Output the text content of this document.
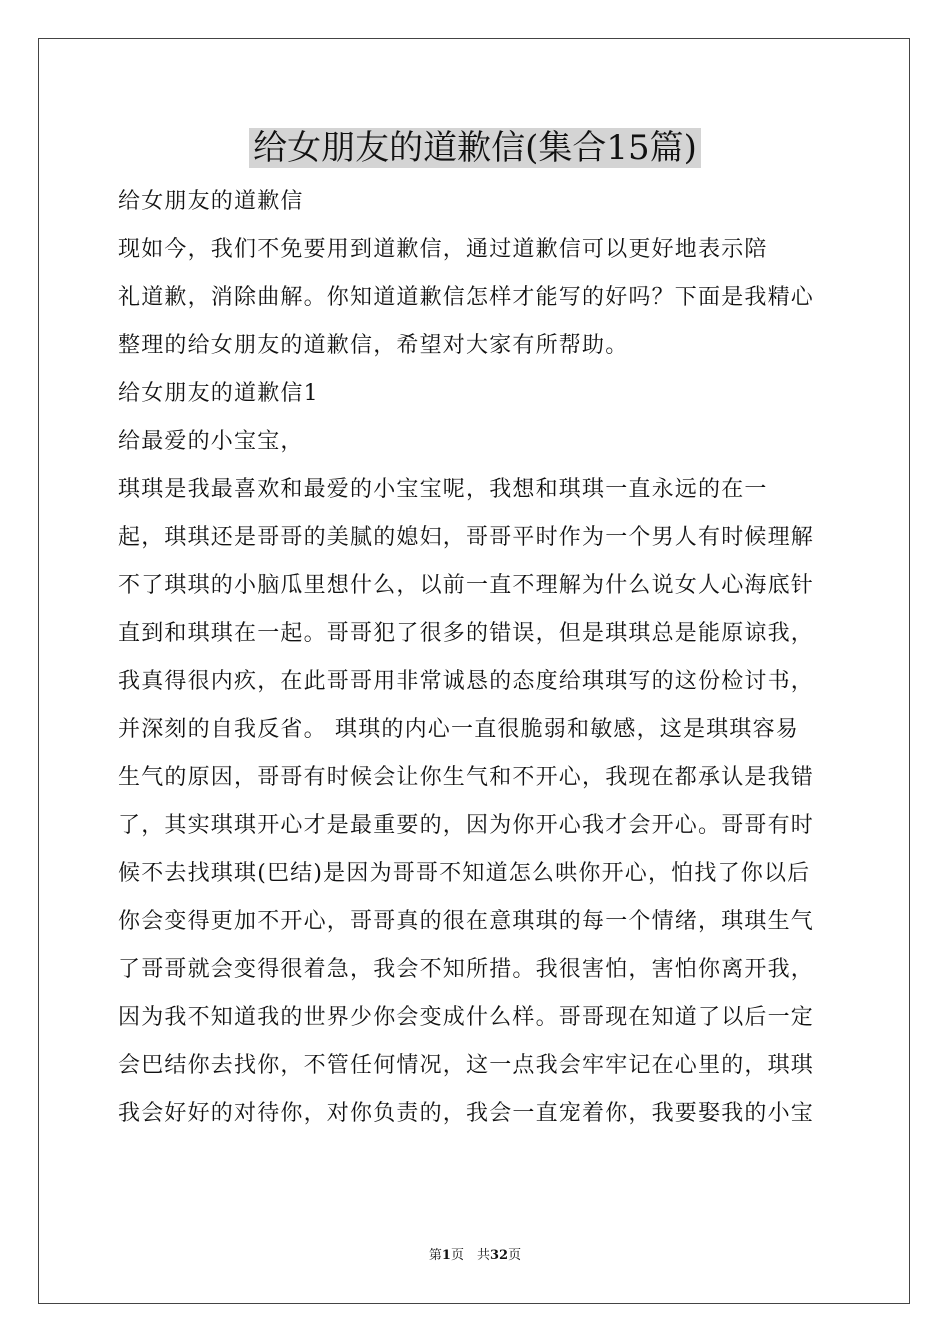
给女朋友的道歉信(集合15篇)

给女朋友的道歉信

现如今，我们不免要用到道歉信，通过道歉信可以更好地表示陪

礼道歉，消除曲解。你知道道歉信怎样才能写的好吗？下面是我精心

整理的给女朋友的道歉信，希望对大家有所帮助。

给女朋友的道歉信1

给最爱的小宝宝，

琪琪是我最喜欢和最爱的小宝宝呢，我想和琪琪一直永远的在一

起，琪琪还是哥哥的美腻的媳妇，哥哥平时作为一个男人有时候理解

不了琪琪的小脑瓜里想什么，以前一直不理解为什么说女人心海底针

直到和琪琪在一起。哥哥犯了很多的错误，但是琪琪总是能原谅我，

我真得很内疚，在此哥哥用非常诚恳的态度给琪琪写的这份检讨书，

并深刻的自我反省。 琪琪的内心一直很脆弱和敏感，这是琪琪容易

生气的原因，哥哥有时候会让你生气和不开心，我现在都承认是我错

了，其实琪琪开心才是最重要的，因为你开心我才会开心。哥哥有时

候不去找琪琪(巴结)是因为哥哥不知道怎么哄你开心，怕找了你以后

你会变得更加不开心，哥哥真的很在意琪琪的每一个情绪，琪琪生气

了哥哥就会变得很着急，我会不知所措。我很害怕，害怕你离开我，

因为我不知道我的世界少你会变成什么样。哥哥现在知道了以后一定

会巴结你去找你，不管任何情况，这一点我会牢牢记在心里的，琪琪

我会好好的对待你，对你负责的，我会一直宠着你，我要娶我的小宝

第1页　共32页
